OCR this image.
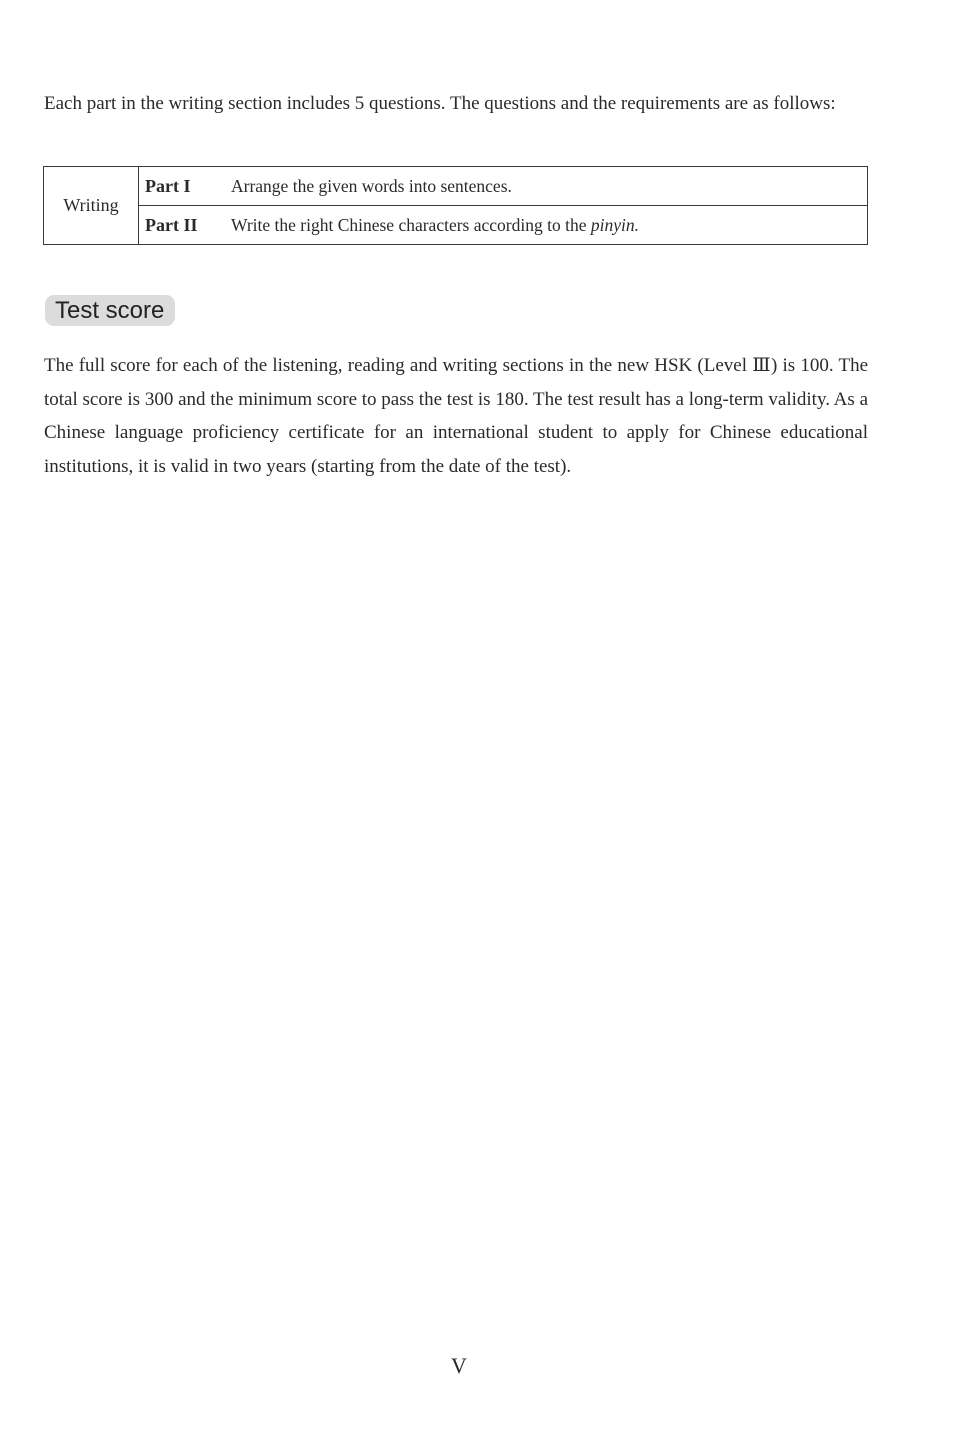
Each part in the writing section includes 5 questions. The questions and the requirements are as follows:

Writing	Part I Arrange the given words into sentences.
Part II Write the right Chinese characters according to the pinyin.
Test score

The full score for each of the listening, reading and writing sections in the new HSK (Level Ⅲ) is 100. The total score is 300 and the minimum score to pass the test is 180. The test result has a long-term validity. As a Chinese language proficiency certificate for an international student to apply for Chinese educational institutions, it is valid in two years (starting from the date of the test).

V
